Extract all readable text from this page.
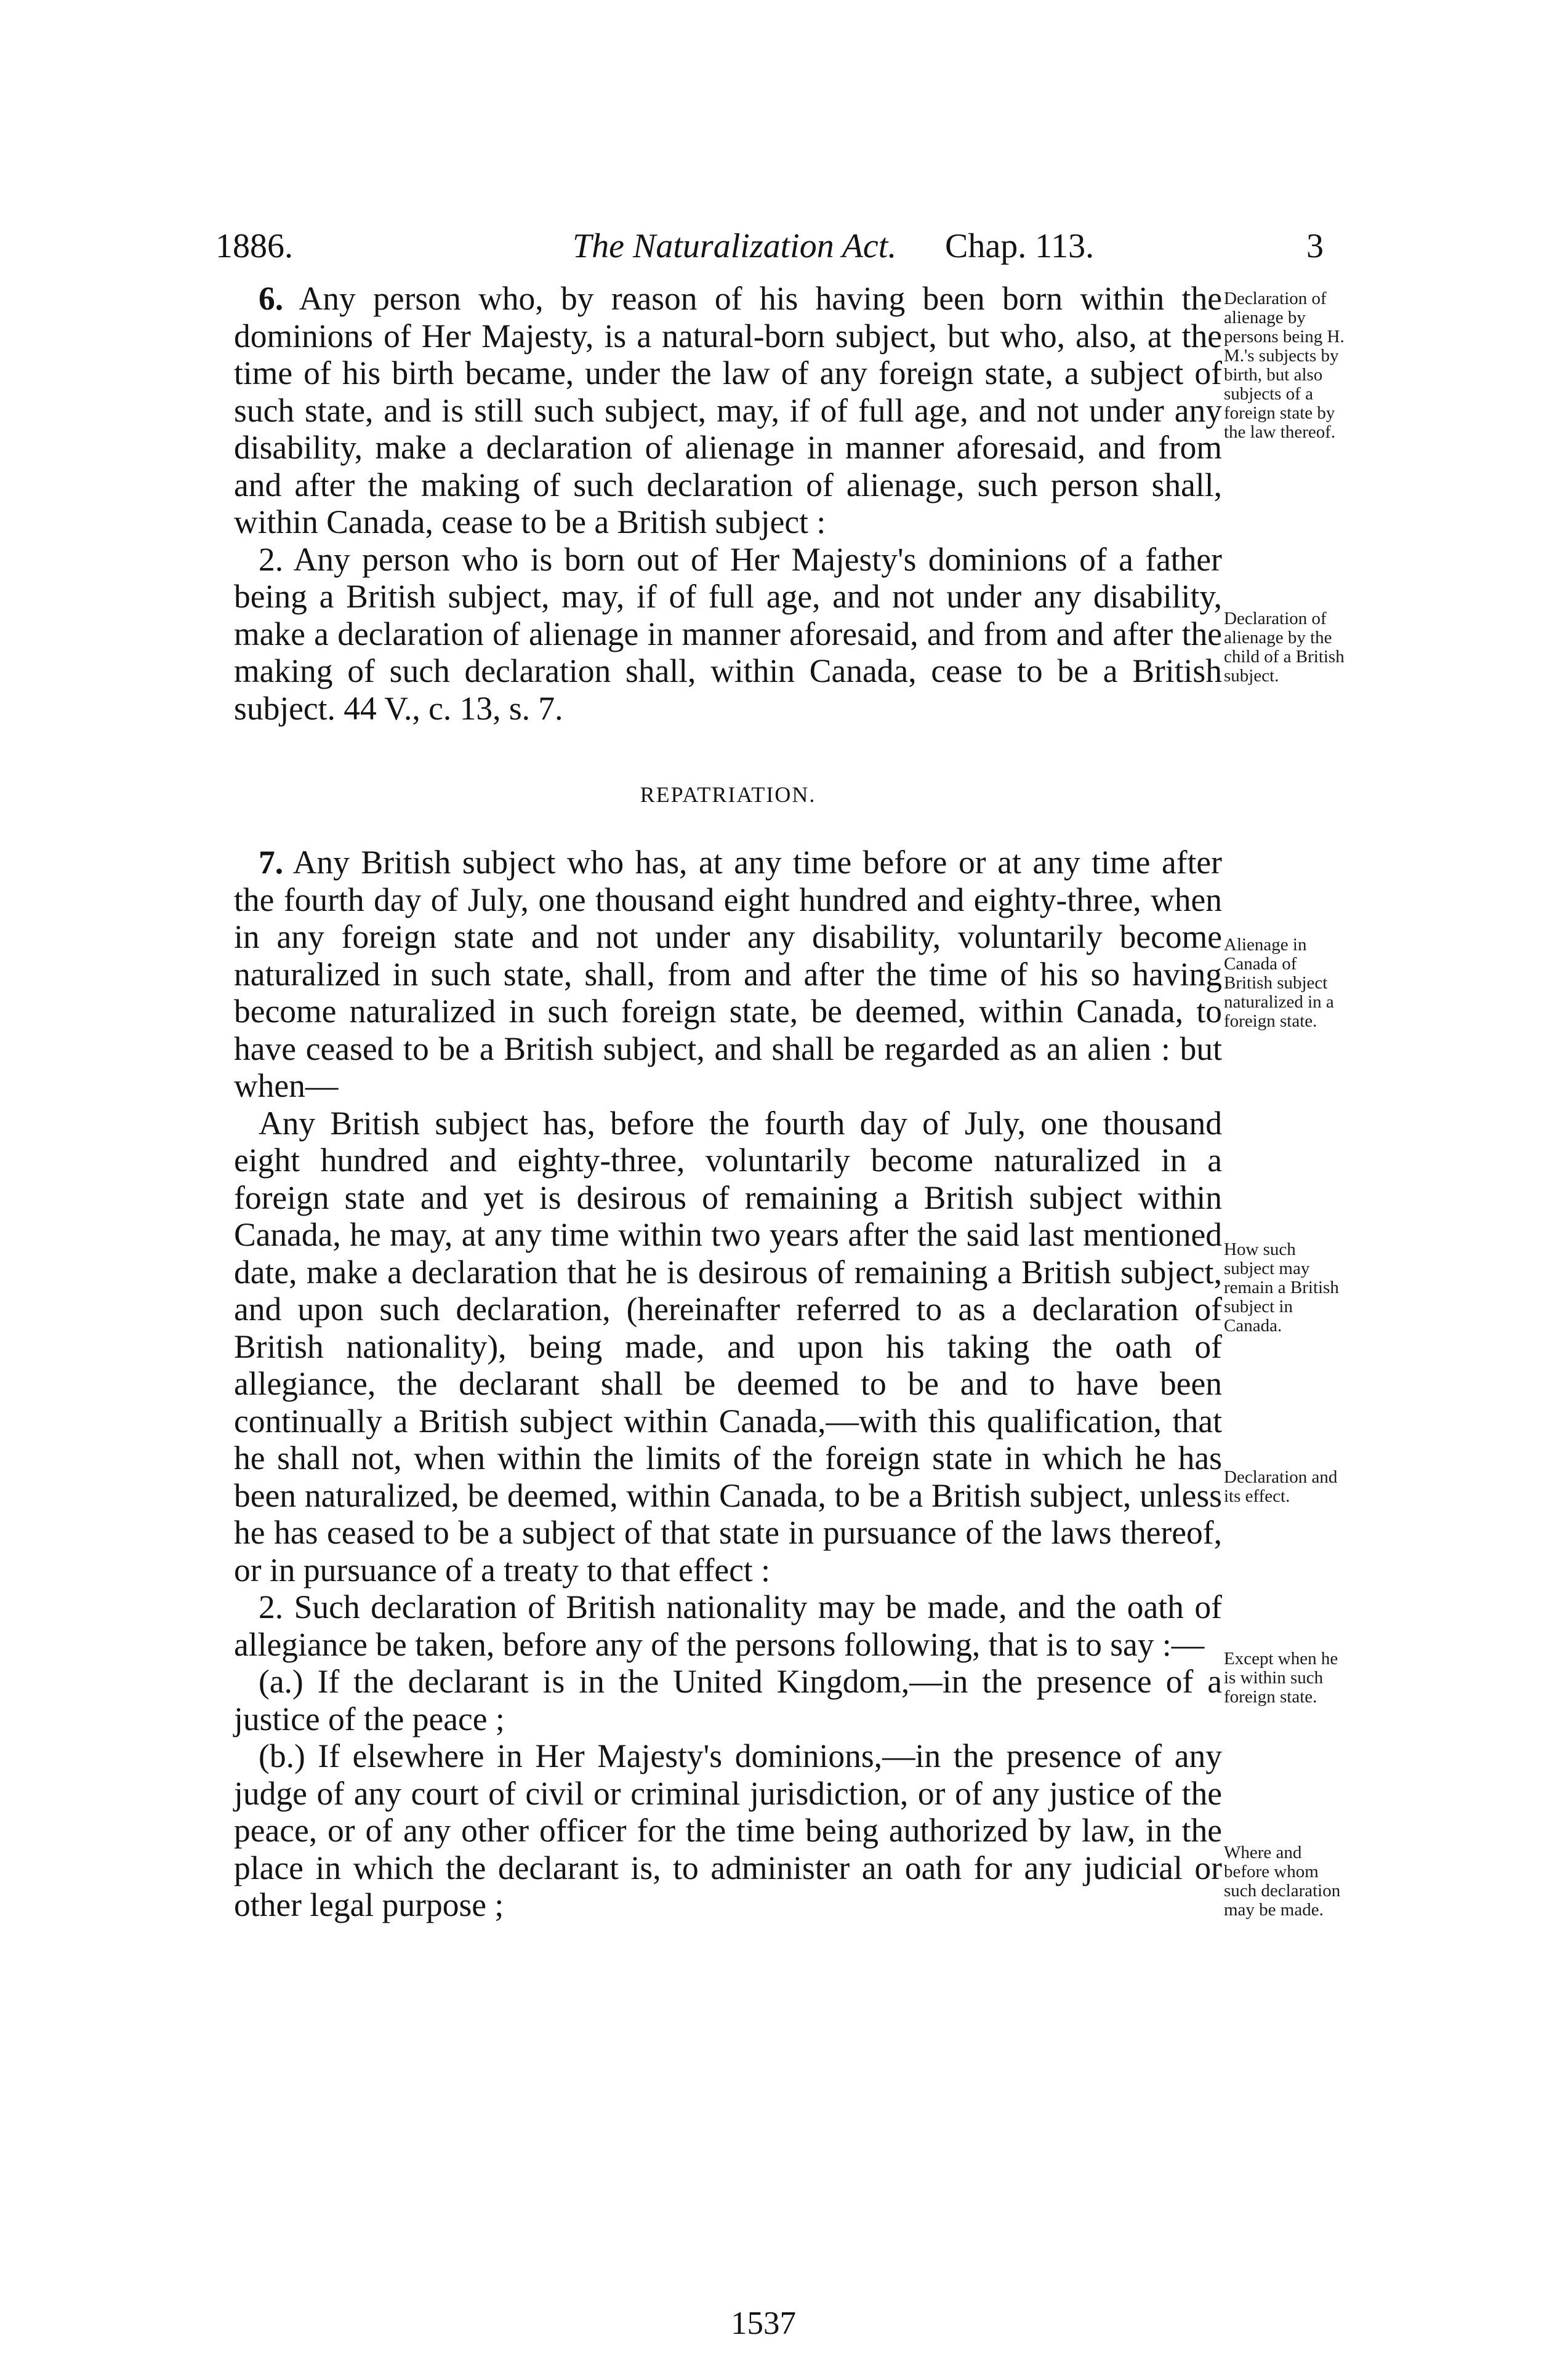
1886.	The Naturalization Act. Chap. 113.	3

6. Any person who, by reason of his having been born within the dominions of Her Majesty, is a natural-born subject, but who, also, at the time of his birth became, under the law of any foreign state, a subject of such state, and is still such subject, may, if of full age, and not under any disability, make a declaration of alienage in manner aforesaid, and from and after the making of such declaration of alienage, such person shall, within Canada, cease to be a British subject :

2. Any person who is born out of Her Majesty's dominions of a father being a British subject, may, if of full age, and not under any disability, make a declaration of alienage in manner aforesaid, and from and after the making of such declaration shall, within Canada, cease to be a British subject. 44 V., c. 13, s. 7.

REPATRIATION.

7. Any British subject who has, at any time before or at any time after the fourth day of July, one thousand eight hundred and eighty-three, when in any foreign state and not under any disability, voluntarily become naturalized in such state, shall, from and after the time of his so having become naturalized in such foreign state, be deemed, within Canada, to have ceased to be a British subject, and shall be regarded as an alien : but when—

Any British subject has, before the fourth day of July, one thousand eight hundred and eighty-three, voluntarily become naturalized in a foreign state and yet is desirous of remaining a British subject within Canada, he may, at any time within two years after the said last mentioned date, make a declaration that he is desirous of remaining a British subject, and upon such declaration, (hereinafter referred to as a declaration of British nationality), being made, and upon his taking the oath of allegiance, the declarant shall be deemed to be and to have been continually a British subject within Canada,—with this qualification, that he shall not, when within the limits of the foreign state in which he has been naturalized, be deemed, within Canada, to be a British subject, unless he has ceased to be a subject of that state in pursuance of the laws thereof, or in pursuance of a treaty to that effect :

2. Such declaration of British nationality may be made, and the oath of allegiance be taken, before any of the persons following, that is to say :—

(a.) If the declarant is in the United Kingdom,—in the presence of a justice of the peace ;

(b.) If elsewhere in Her Majesty's dominions,—in the presence of any judge of any court of civil or criminal jurisdiction, or of any justice of the peace, or of any other officer for the time being authorized by law, in the place in which the declarant is, to administer an oath for any judicial or other legal purpose ;

Declaration of alienage by persons being H. M.'s subjects by birth, but also subjects of a foreign state by the law thereof.
Declaration of alienage by the child of a British subject.
Alienage in Canada of British subject naturalized in a foreign state.
How such subject may remain a British subject in Canada.
Declaration and its effect.
Except when he is within such foreign state.
Where and before whom such declaration may be made.
1537
